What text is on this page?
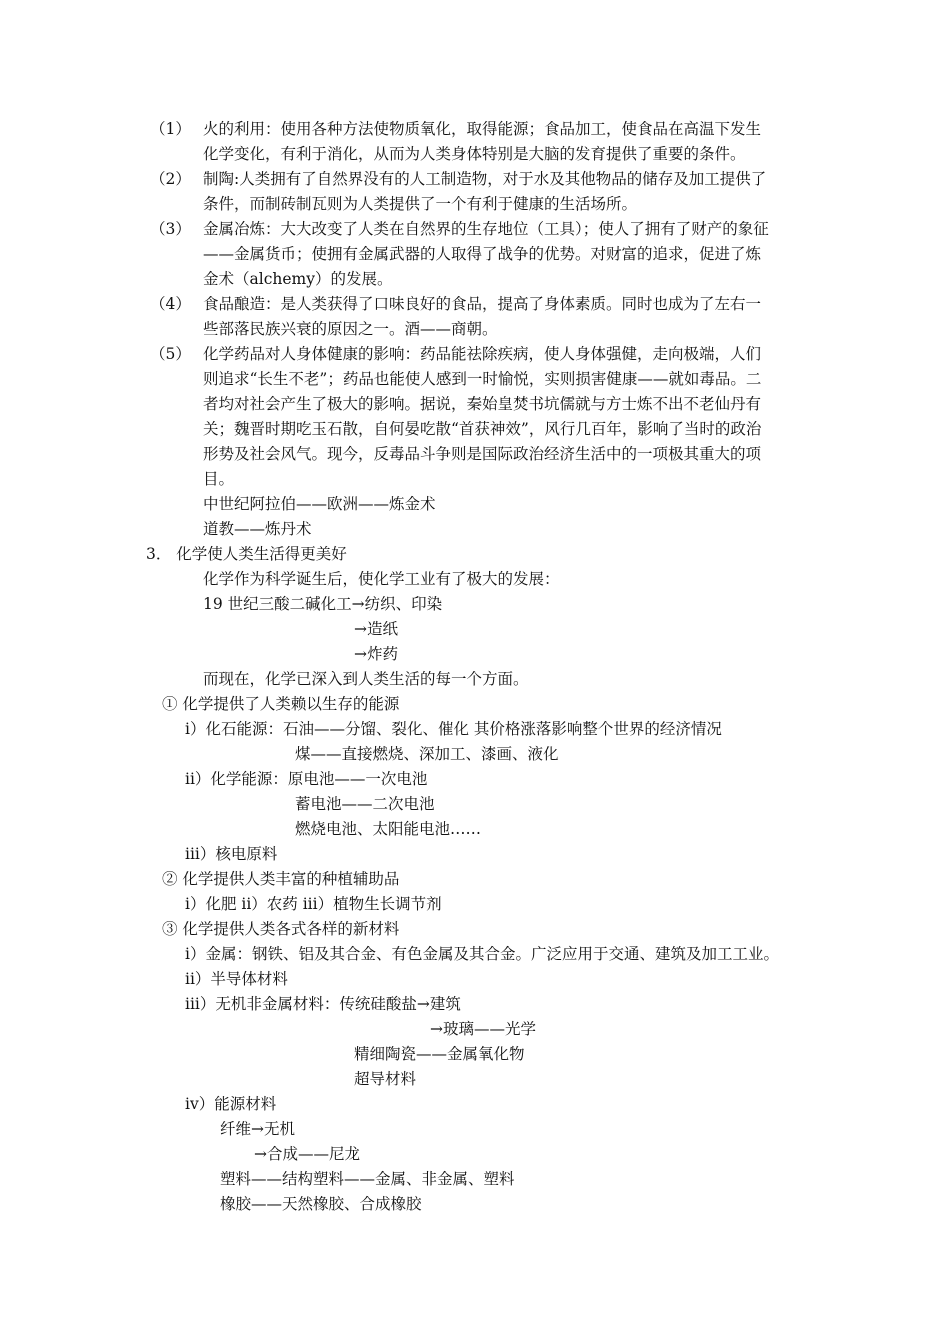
（1） 火的利用：使用各种方法使物质氧化，取得能源；食品加工，使食品在高温下发生
化学变化，有利于消化，从而为人类身体特别是大脑的发育提供了重要的条件。
（2） 制陶:人类拥有了自然界没有的人工制造物，对于水及其他物品的储存及加工提供了
条件，而制砖制瓦则为人类提供了一个有利于健康的生活场所。
（3） 金属冶炼：大大改变了人类在自然界的生存地位（工具）；使人了拥有了财产的象征
——金属货币；使拥有金属武器的人取得了战争的优势。对财富的追求，促进了炼
金术（alchemy）的发展。
（4） 食品酿造：是人类获得了口味良好的食品，提高了身体素质。同时也成为了左右一
些部落民族兴衰的原因之一。酒——商朝。
（5） 化学药品对人身体健康的影响：药品能祛除疾病，使人身体强健，走向极端，人们
则追求“长生不老”；药品也能使人感到一时愉悦，实则损害健康——就如毒品。二
者均对社会产生了极大的影响。据说，秦始皇焚书坑儒就与方士炼不出不老仙丹有
关；魏晋时期吃玉石散，自何晏吃散“首获神效”，风行几百年，影响了当时的政治
形势及社会风气。现今，反毒品斗争则是国际政治经济生活中的一项极其重大的项
目。
中世纪阿拉伯——欧洲——炼金术
道教——炼丹术
3． 化学使人类生活得更美好
化学作为科学诞生后，使化学工业有了极大的发展：
19 世纪三酸二碱化工→纺织、印染
→造纸
→炸药
而现在，化学已深入到人类生活的每一个方面。
① 化学提供了人类赖以生存的能源
i）化石能源：石油——分馏、裂化、催化 其价格涨落影响整个世界的经济情况
煤——直接燃烧、深加工、漆画、液化
ii）化学能源：原电池——一次电池
蓄电池——二次电池
燃烧电池、太阳能电池……
iii）核电原料
② 化学提供人类丰富的种植辅助品
i）化肥 ii）农药 iii）植物生长调节剂
③ 化学提供人类各式各样的新材料
i）金属：钢铁、铝及其合金、有色金属及其合金。广泛应用于交通、建筑及加工工业。
ii）半导体材料
iii）无机非金属材料：传统硅酸盐→建筑
→玻璃——光学
精细陶瓷——金属氧化物
超导材料
iv）能源材料
纤维→无机
→合成——尼龙
塑料——结构塑料——金属、非金属、塑料
橡胶——天然橡胶、合成橡胶
